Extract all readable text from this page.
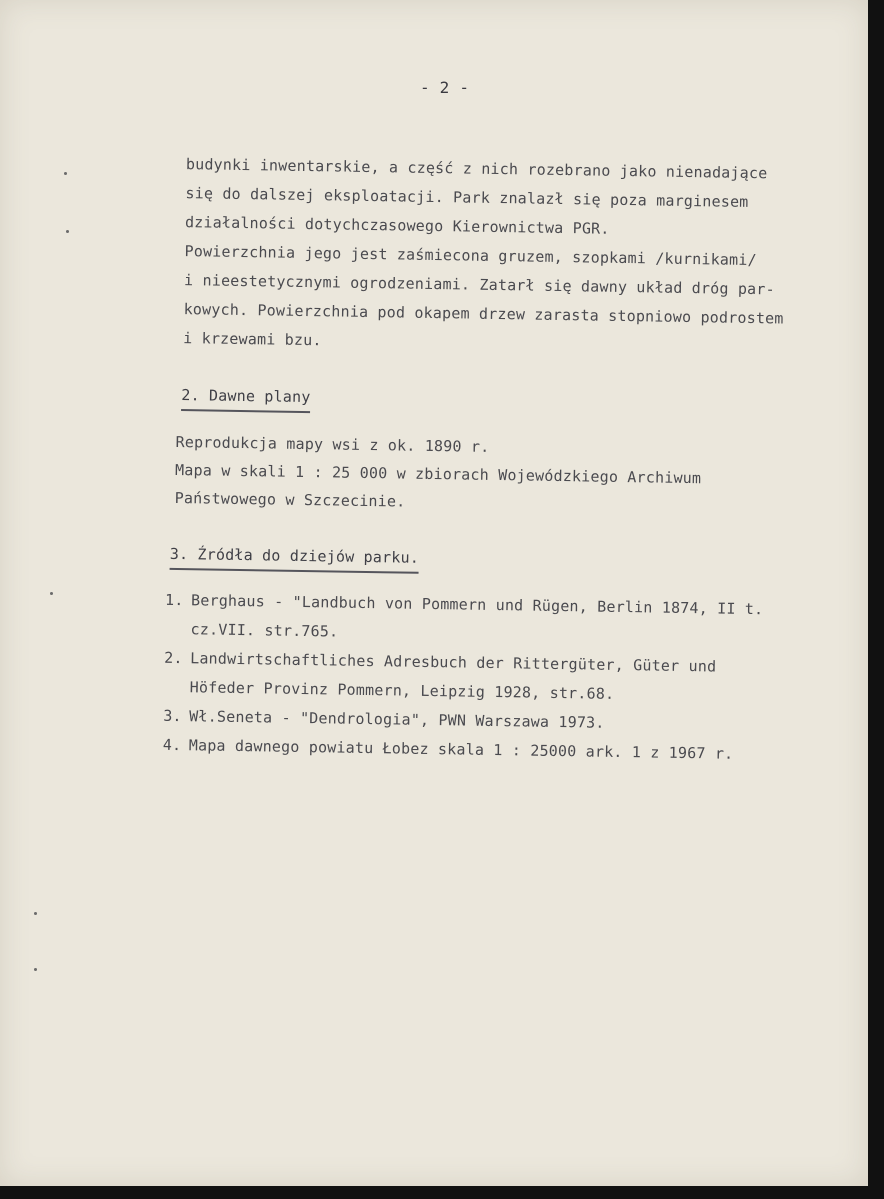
- 2 -
budynki inwentarskie, a część z nich rozebrano jako nienadające
się do dalszej eksploatacji. Park znalazł się poza marginesem
działalności dotychczasowego Kierownictwa PGR.
Powierzchnia jego jest zaśmiecona gruzem, szopkami /kurnikami/
i nieestetycznymi ogrodzeniami. Zatarł się dawny układ dróg par-
kowych. Powierzchnia pod okapem drzew zarasta stopniowo podrostem
i krzewami bzu.
2. Dawne plany
Reprodukcja mapy wsi z ok. 1890 r.
Mapa w skali 1 : 25 000 w zbiorach Wojewódzkiego Archiwum
Państwowego w Szczecinie.
3. Źródła do dziejów parku.
1. Berghaus - "Landbuch von Pommern und Rügen, Berlin 1874, II t.
cz.VII. str.765.
2. Landwirtschaftliches Adresbuch der Rittergüter, Güter und
Höfeder Provinz Pommern, Leipzig 1928, str.68.
3. Wł.Seneta - "Dendrologia", PWN Warszawa 1973.
4. Mapa dawnego powiatu Łobez skala 1 : 25000 ark. 1 z 1967 r.
